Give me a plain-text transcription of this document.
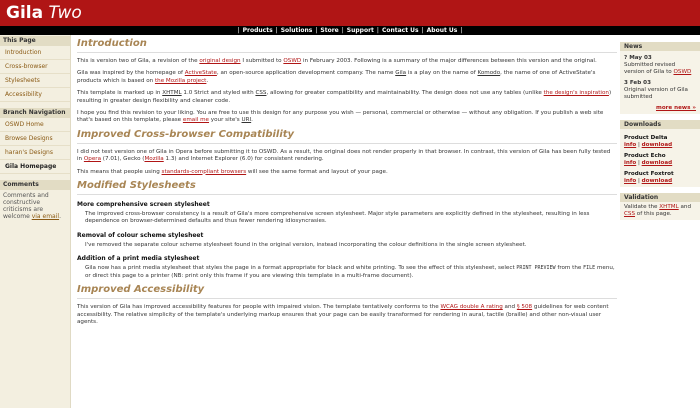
Gila Two
| Products | Solutions | Store | Support | Contact Us | About Us |
This Page
Introduction
Cross-browser
Stylesheets
Accessibility
Branch Navigation
OSWD Home
Browse Designs
haran's Designs
Gila Homepage
Comments
Comments and constructive criticisms are welcome via email.
Introduction

This is version two of Gila, a revision of the original design I submitted to OSWD in February 2003. Following is a summary of the major differences between this version and the original.

Gila was inspired by the homepage of ActiveState, an open-source application development company. The name Gila is a play on the name of Komodo, the name of one of ActiveState's products which is based on the Mozilla project.

This template is marked up in XHTML 1.0 Strict and styled with CSS, allowing for greater compatibility and maintainability. The design does not use any tables (unlike the design's inspiration) resulting in greater design flexibility and cleaner code.

I hope you find this revision to your liking. You are free to use this design for any purpose you wish — personal, commercial or otherwise — without any obligation. If you publish a web site that's based on this template, please email me your site's URI.

Improved Cross-browser Compatibility

I did not test version one of Gila in Opera before submitting it to OSWD. As a result, the original does not render properly in that browser. In contrast, this version of Gila has been fully tested in Opera (7.01), Gecko (Mozilla 1.3) and Internet Explorer (6.0) for consistent rendering.

This means that people using standards-compliant browsers will see the same format and layout of your page.

Modified Stylesheets
More comprehensive screen stylesheet

The improved cross-browser consistency is a result of Gila's more comprehensive screen stylesheet. Major style parameters are explicitly defined in the stylesheet, resulting in less dependence on browser-determined defaults and thus fewer rendering idiosyncrasies.

Removal of colour scheme stylesheet

I've removed the separate colour scheme stylesheet found in the original version, instead incorporating the colour definitions in the single screen stylesheet.

Addition of a print media stylesheet

Gila now has a print media stylesheet that styles the page in a format appropriate for black and white printing. To see the effect of this stylesheet, select PRINT PREVIEW from the FILE menu, or direct this page to a printer (NB: print only this frame if you are viewing this template in a multi-frame document).

Improved Accessibility

This version of Gila has improved accessibility features for people with impaired vision. The template tentatively conforms to the WCAG double A rating and § 508 guidelines for web content accessibility. The relative simplicity of the template's underlying markup ensures that your page can be easily transformed for rendering in aural, tactile (braille) and other non-visual user agents.

News
? May 03
Submitted revised version of Gila to OSWD
3 Feb 03
Original version of Gila submitted
more news »
Downloads
Product Delta
info | download
Product Echo
info | download
Product Foxtrot
info | download
Validation
Validate the XHTML and CSS of this page.
